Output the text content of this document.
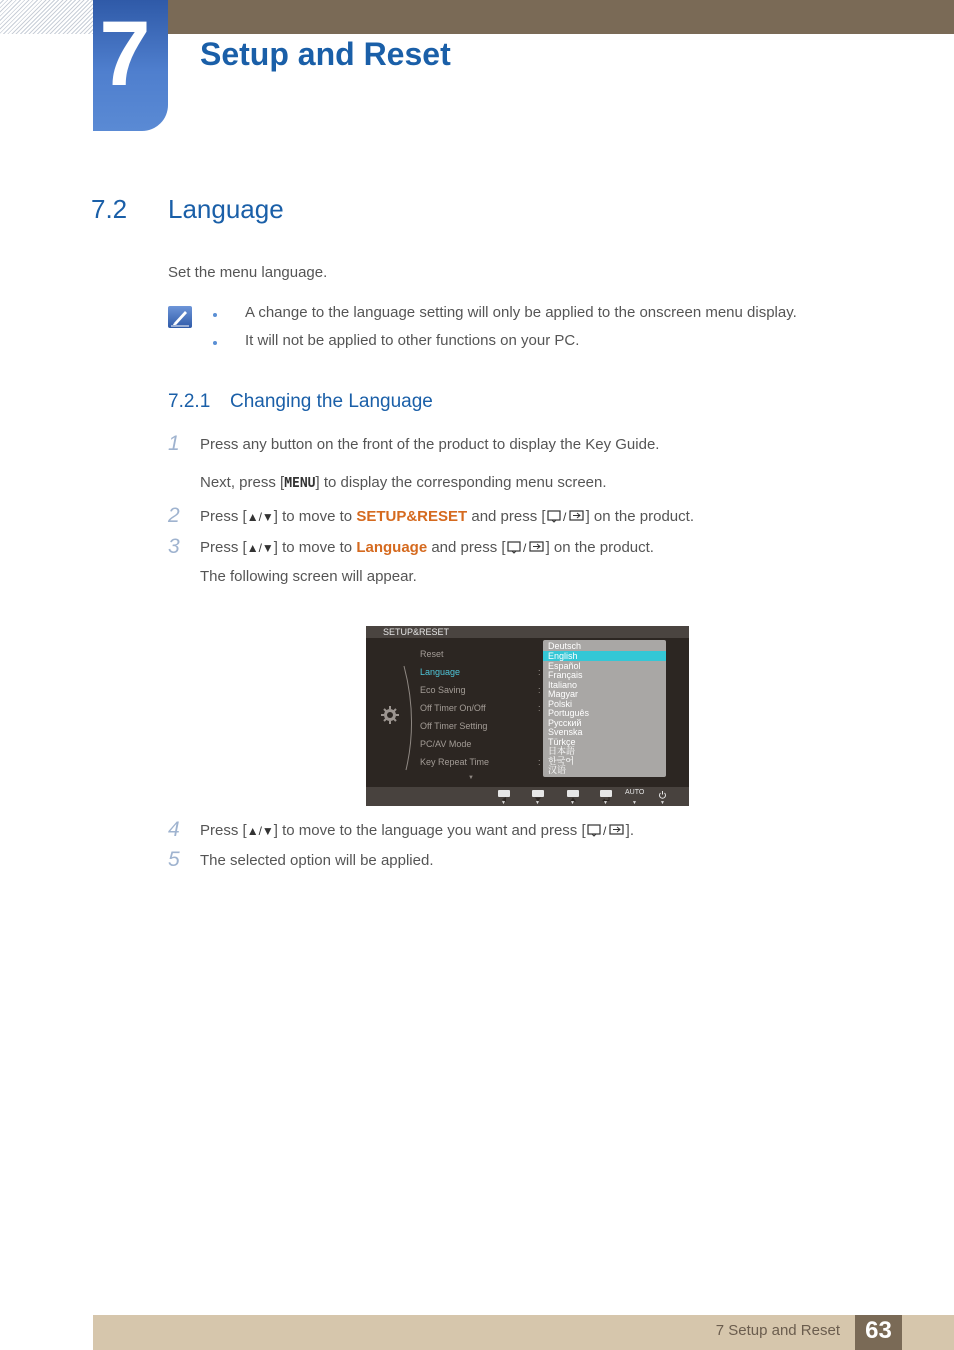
7 Setup and Reset
7.2 Language
Set the menu language.
A change to the language setting will only be applied to the onscreen menu display.
It will not be applied to other functions on your PC.
7.2.1 Changing the Language
1 Press any button on the front of the product to display the Key Guide.
Next, press [MENU] to display the corresponding menu screen.
2 Press [▲/▼] to move to SETUP&RESET and press [ / ] on the product.
3 Press [▲/▼] to move to Language and press [ / ] on the product.
The following screen will appear.
SETUP&RESET
Reset
Language	:
Eco Saving	:
Off Timer On/Off	:
Off Timer Setting
PC/AV Mode
Key Repeat Time	:
▼
Deutsch
English
Español
Français
Italiano
Magyar
Polski
Português
Русский
Svenska
Türkçe
日本語
한국어
汉语
▼	▼	▼	▼
AUTO
▼	▼
4 Press [▲/▼] to move to the language you want and press [ / ].
5 The selected option will be applied.
7 Setup and Reset	63
